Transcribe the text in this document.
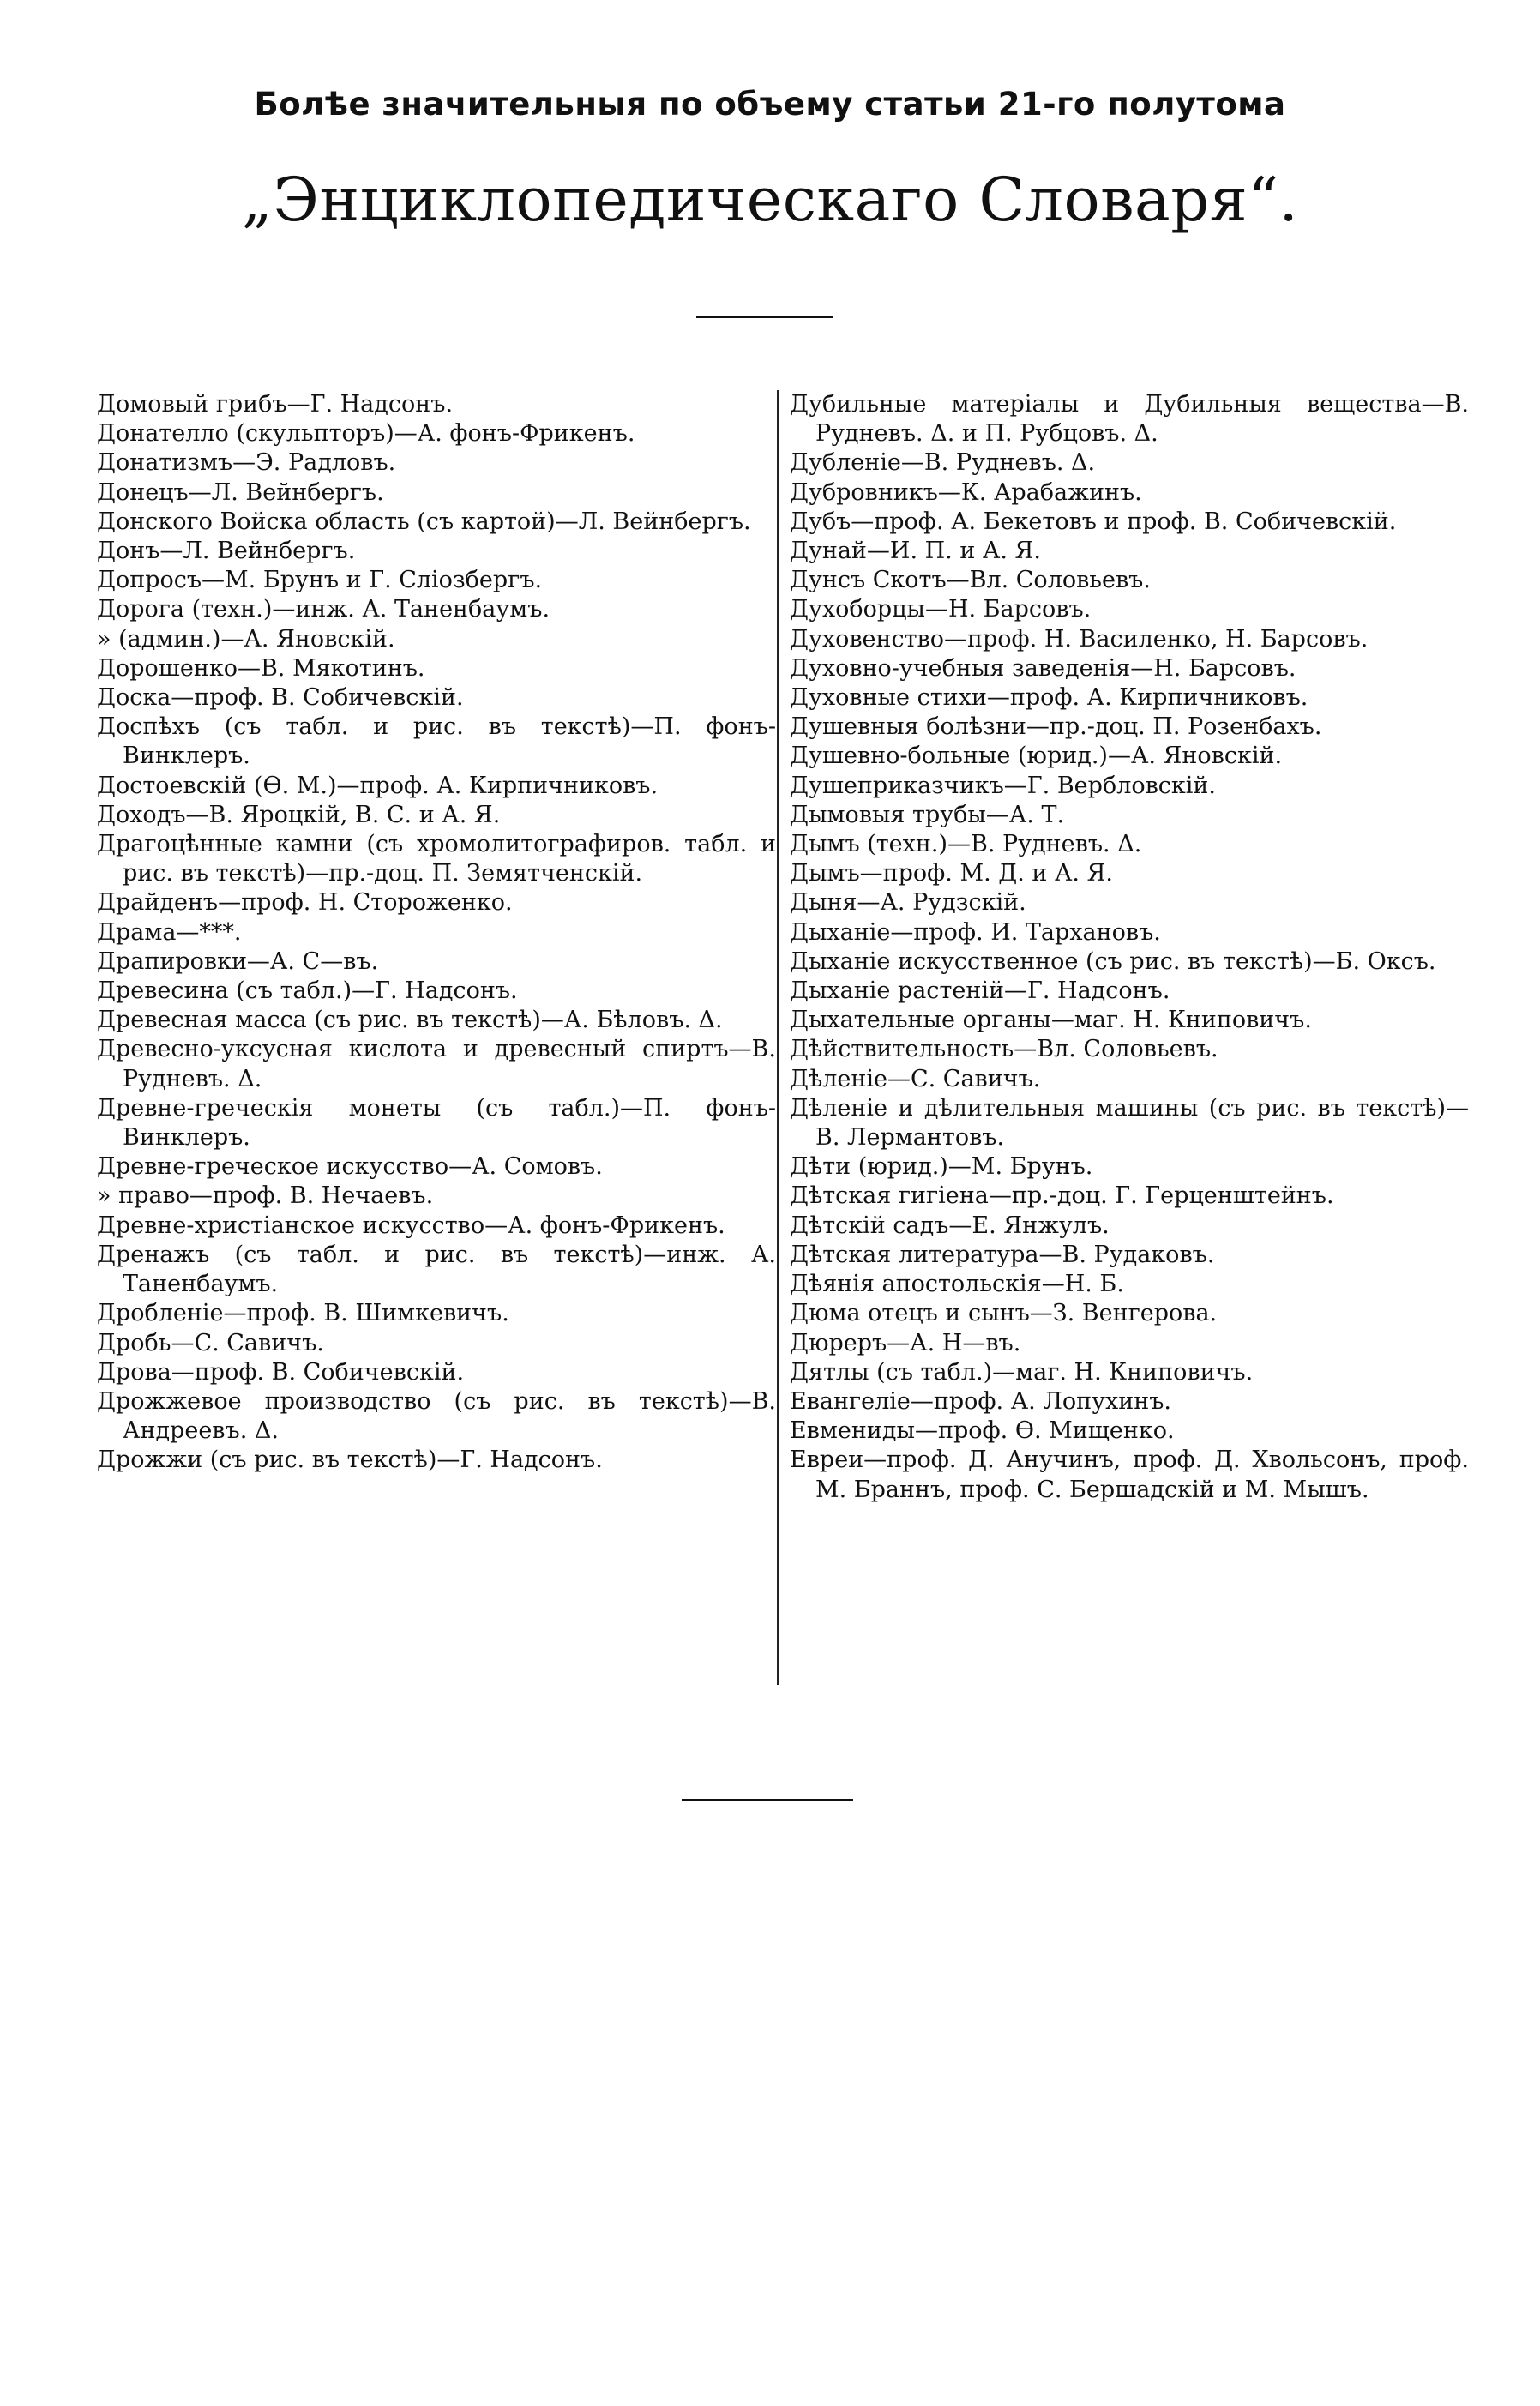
Болѣе значительныя по объему статьи 21-го полутома
„Энциклопедическаго Словаря“.
Домовый грибъ—Г. Надсонъ.
Донателло (скульпторъ)—А. фонъ-Фрикенъ.
Донатизмъ—Э. Радловъ.
Донецъ—Л. Вейнбергъ.
Донского Войска область (съ картой)—Л. Вейнбергъ.
Донъ—Л. Вейнбергъ.
Допросъ—М. Брунъ и Г. Слiозбергъ.
Дорога (техн.)—инж. А. Таненбаумъ.
» (админ.)—А. Яновскiй.
Дорошенко—В. Мякотинъ.
Доска—проф. В. Собичевскiй.
Доспѣхъ (съ табл. и рис. въ текстѣ)—П. фонъ-Винклеръ.
Достоевскiй (Ѳ. М.)—проф. А. Кирпичниковъ.
Доходъ—В. Яроцкiй, В. С. и А. Я.
Драгоцѣнные камни (съ хромолитографиров. табл. и рис. въ текстѣ)—пр.-доц. П. Земятченскiй.
Драйденъ—проф. Н. Стороженко.
Драма—***.
Драпировки—А. С—въ.
Древесина (съ табл.)—Г. Надсонъ.
Древесная масса (съ рис. въ текстѣ)—А. Бѣловъ. Δ.
Древесно-уксусная кислота и древесный спиртъ—В. Рудневъ. Δ.
Древне-греческiя монеты (съ табл.)—П. фонъ-Винклеръ.
Древне-греческое искусство—А. Сомовъ.
» право—проф. В. Нечаевъ.
Древне-христiанское искусство—А. фонъ-Фрикенъ.
Дренажъ (съ табл. и рис. въ текстѣ)—инж. А. Таненбаумъ.
Дробленiе—проф. В. Шимкевичъ.
Дробь—С. Савичъ.
Дрова—проф. В. Собичевскiй.
Дрожжевое производство (съ рис. въ текстѣ)—В. Андреевъ. Δ.
Дрожжи (съ рис. въ текстѣ)—Г. Надсонъ.
Дубильные матерiалы и Дубильныя вещества—В. Рудневъ. Δ. и П. Рубцовъ. Δ.
Дубленiе—В. Рудневъ. Δ.
Дубровникъ—К. Арабажинъ.
Дубъ—проф. А. Бекетовъ и проф. В. Собичевскiй.
Дунай—И. П. и А. Я.
Дунсъ Скотъ—Вл. Соловьевъ.
Духоборцы—Н. Барсовъ.
Духовенство—проф. Н. Василенко, Н. Барсовъ.
Духовно-учебныя заведенiя—Н. Барсовъ.
Духовные стихи—проф. А. Кирпичниковъ.
Душевныя болѣзни—пр.-доц. П. Розенбахъ.
Душевно-больные (юрид.)—А. Яновскiй.
Душеприказчикъ—Г. Вербловскiй.
Дымовыя трубы—А. Т.
Дымъ (техн.)—В. Рудневъ. Δ.
Дымъ—проф. М. Д. и А. Я.
Дыня—А. Рудзскiй.
Дыханiе—проф. И. Тархановъ.
Дыханiе искусственное (съ рис. въ текстѣ)—Б. Оксъ.
Дыханiе растенiй—Г. Надсонъ.
Дыхательные органы—маг. Н. Книповичъ.
Дѣйствительность—Вл. Соловьевъ.
Дѣленiе—С. Савичъ.
Дѣленiе и дѣлительныя машины (съ рис. въ текстѣ)—В. Лермантовъ.
Дѣти (юрид.)—М. Брунъ.
Дѣтская гигiена—пр.-доц. Г. Герценштейнъ.
Дѣтскiй садъ—Е. Янжулъ.
Дѣтская литература—В. Рудаковъ.
Дѣянiя апостольскiя—Н. Б.
Дюма отецъ и сынъ—З. Венгерова.
Дюреръ—А. Н—въ.
Дятлы (съ табл.)—маг. Н. Книповичъ.
Евангелiе—проф. А. Лопухинъ.
Евмениды—проф. Ѳ. Мищенко.
Евреи—проф. Д. Анучинъ, проф. Д. Хвольсонъ, проф. М. Браннъ, проф. С. Бершадскiй и М. Мышъ.
